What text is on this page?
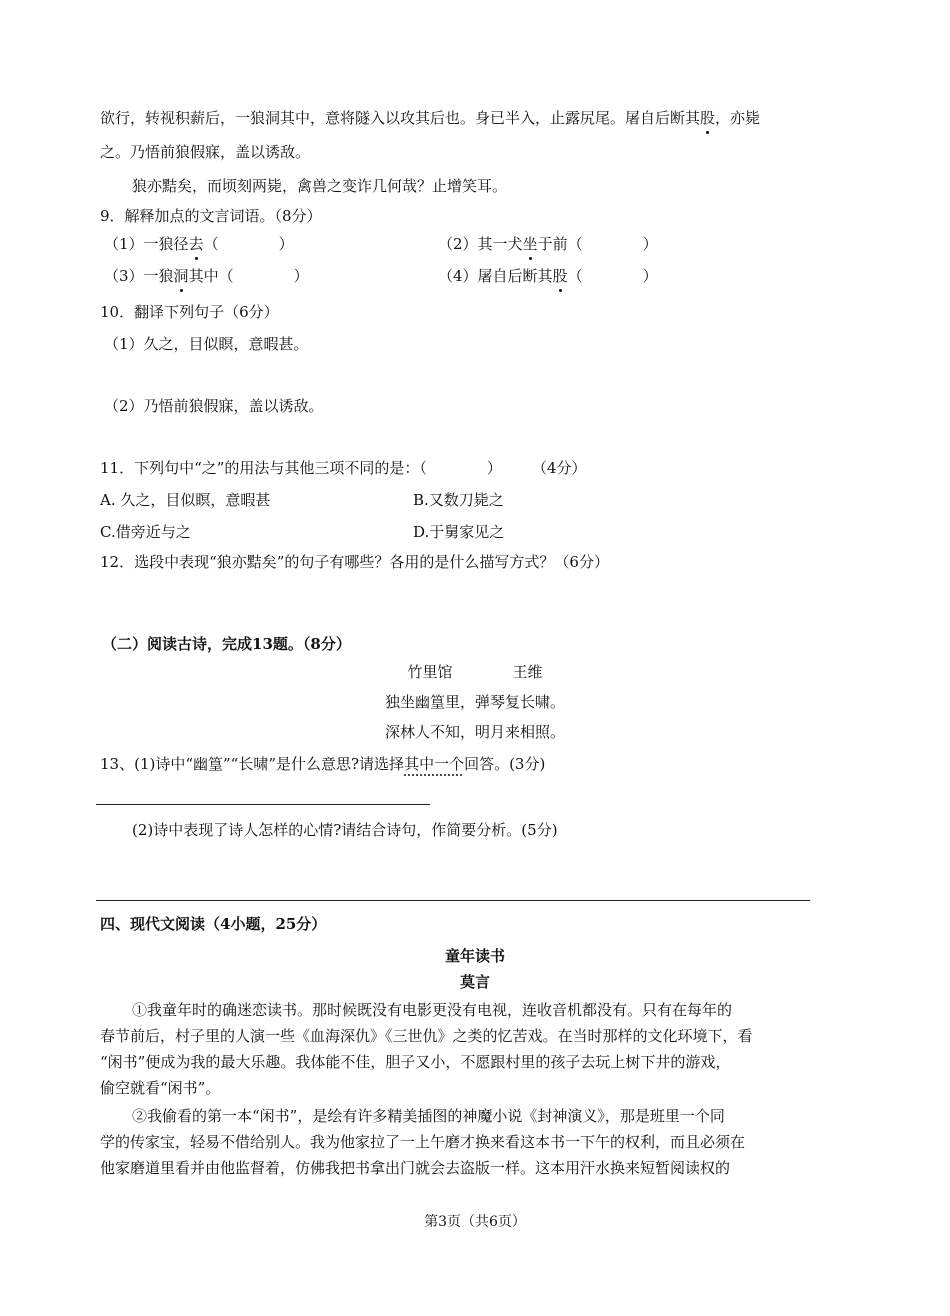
欲行，转视积薪后，一狼洞其中，意将隧入以攻其后也。身已半入，止露尻尾。屠自后断其股，亦毙
之。乃悟前狼假寐，盖以诱敌。
狼亦黠矣，而顷刻两毙，禽兽之变诈几何哉？止增笑耳。
9．解释加点的文言词语。（8分）
（1）一狼径去（　　　　）	（2）其一犬坐于前（　　　　）
（3）一狼洞其中（　　　　）	（4）屠自后断其股（　　　　）
10．翻译下列句子（6分）
（1）久之，目似瞑，意暇甚。
（2）乃悟前狼假寐，盖以诱敌。
11．下列句中“之”的用法与其他三项不同的是：（　　　　）　　　（4分）
A. 久之，目似瞑，意暇甚	B.又数刀毙之
C.借旁近与之	D.于舅家见之
12．选段中表现“狼亦黠矣”的句子有哪些？各用的是什么描写方式？（6分）
（二）阅读古诗，完成13题。（8分）
竹里馆　　　　王维
独坐幽篁里，弹琴复长啸。
深林人不知，明月来相照。
13、(1)诗中“幽篁”“长啸”是什么意思?请选择其中一个回答。(3分)
(2)诗中表现了诗人怎样的心情?请结合诗句，作简要分析。(5分)
四、现代文阅读（4小题，25分）
童年读书
莫言
①我童年时的确迷恋读书。那时候既没有电影更没有电视，连收音机都没有。只有在每年的
春节前后，村子里的人演一些《血海深仇》《三世仇》之类的忆苦戏。在当时那样的文化环境下，看
“闲书”便成为我的最大乐趣。我体能不佳，胆子又小，不愿跟村里的孩子去玩上树下井的游戏，
偷空就看“闲书”。
②我偷看的第一本“闲书”，是绘有许多精美插图的神魔小说《封神演义》，那是班里一个同
学的传家宝，轻易不借给别人。我为他家拉了一上午磨才换来看这本书一下午的权利，而且必须在
他家磨道里看并由他监督着，仿佛我把书拿出门就会去盗版一样。这本用汗水换来短暂阅读权的
第3页（共6页）
